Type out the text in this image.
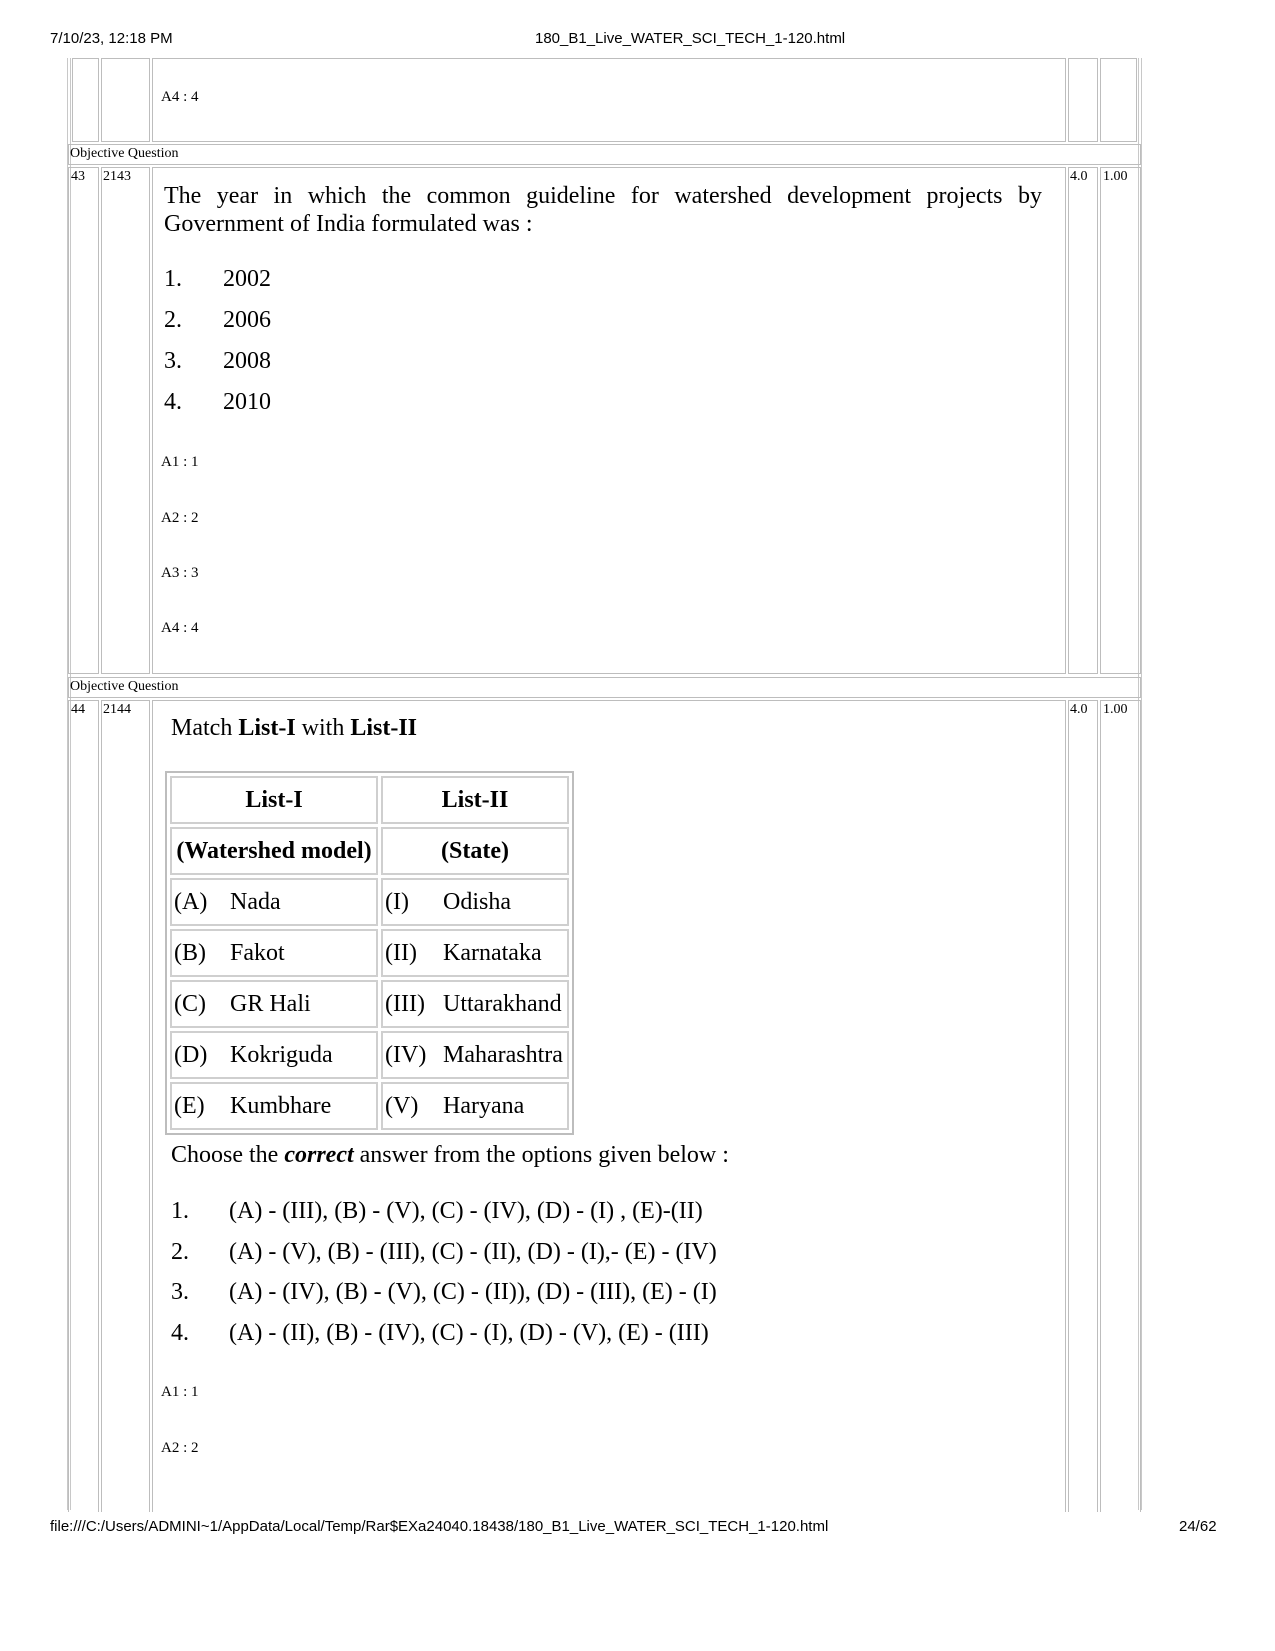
7/10/23, 12:18 PM	180_B1_Live_WATER_SCI_TECH_1-120.html
A4 : 4
Objective Question
43 2143	4.0 1.00
The year in which the common guideline for watershed development projects by
Government of India formulated was :
1. 2002
2. 2006
3. 2008
4. 2010
A1 : 1
A2 : 2
A3 : 3
A4 : 4
Objective Question
44 2144	4.0 1.00
Match List-I with List-II
List-I	List-II
(Watershed model)	(State)
(A) Nada	(I) Odisha
(B) Fakot	(II) Karnataka
(C) GR Hali	(III) Uttarakhand
(D) Kokriguda	(IV) Maharashtra
(E) Kumbhare	(V) Haryana
Choose the correct answer from the options given below :
1. (A) - (III), (B) - (V), (C) - (IV), (D) - (I) , (E)-(II)
2. (A) - (V), (B) - (III), (C) - (II), (D) - (I),- (E) - (IV)
3. (A) - (IV), (B) - (V), (C) - (II)), (D) - (III), (E) - (I)
4. (A) - (II), (B) - (IV), (C) - (I), (D) - (V), (E) - (III)
A1 : 1
A2 : 2
file:///C:/Users/ADMINI~1/AppData/Local/Temp/Rar$EXa24040.18438/180_B1_Live_WATER_SCI_TECH_1-120.html	24/62
